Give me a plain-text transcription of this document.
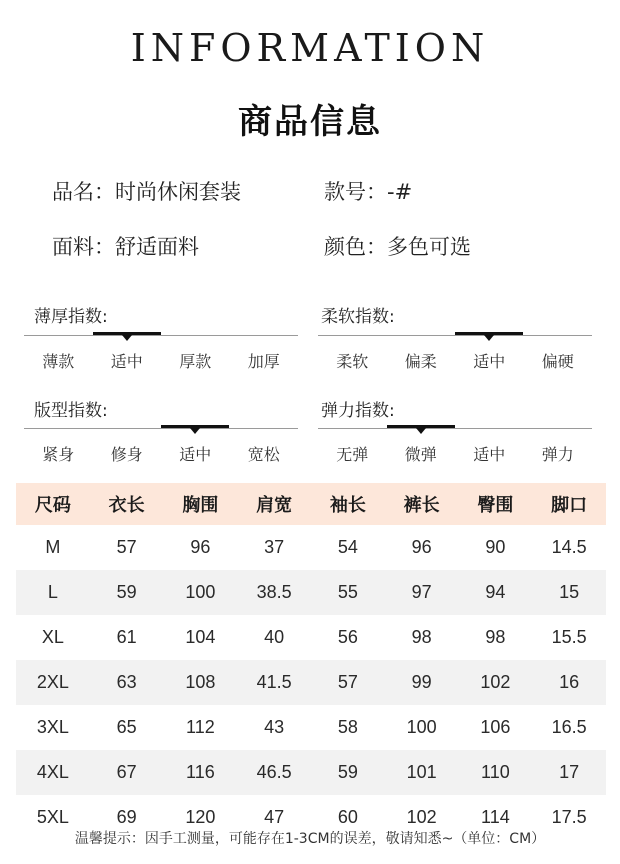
INFORMATION
商品信息
品名：时尚休闲套装	款号：-#
面料：舒适面料	颜色：多色可选
薄厚指数:
薄款	适中	厚款	加厚
柔软指数:
柔软	偏柔	适中	偏硬
版型指数:
紧身	修身	适中	宽松
弹力指数:
无弹	微弹	适中	弹力
尺码	衣长	胸围	肩宽	袖长	裤长	臀围	脚口
M	57	96	37	54	96	90	14.5
L	59	100	38.5	55	97	94	15
XL	61	104	40	56	98	98	15.5
2XL	63	108	41.5	57	99	102	16
3XL	65	112	43	58	100	106	16.5
4XL	67	116	46.5	59	101	110	17
5XL	69	120	47	60	102	114	17.5
温馨提示：因手工测量，可能存在1-3CM的误差，敬请知悉~（单位：CM）
